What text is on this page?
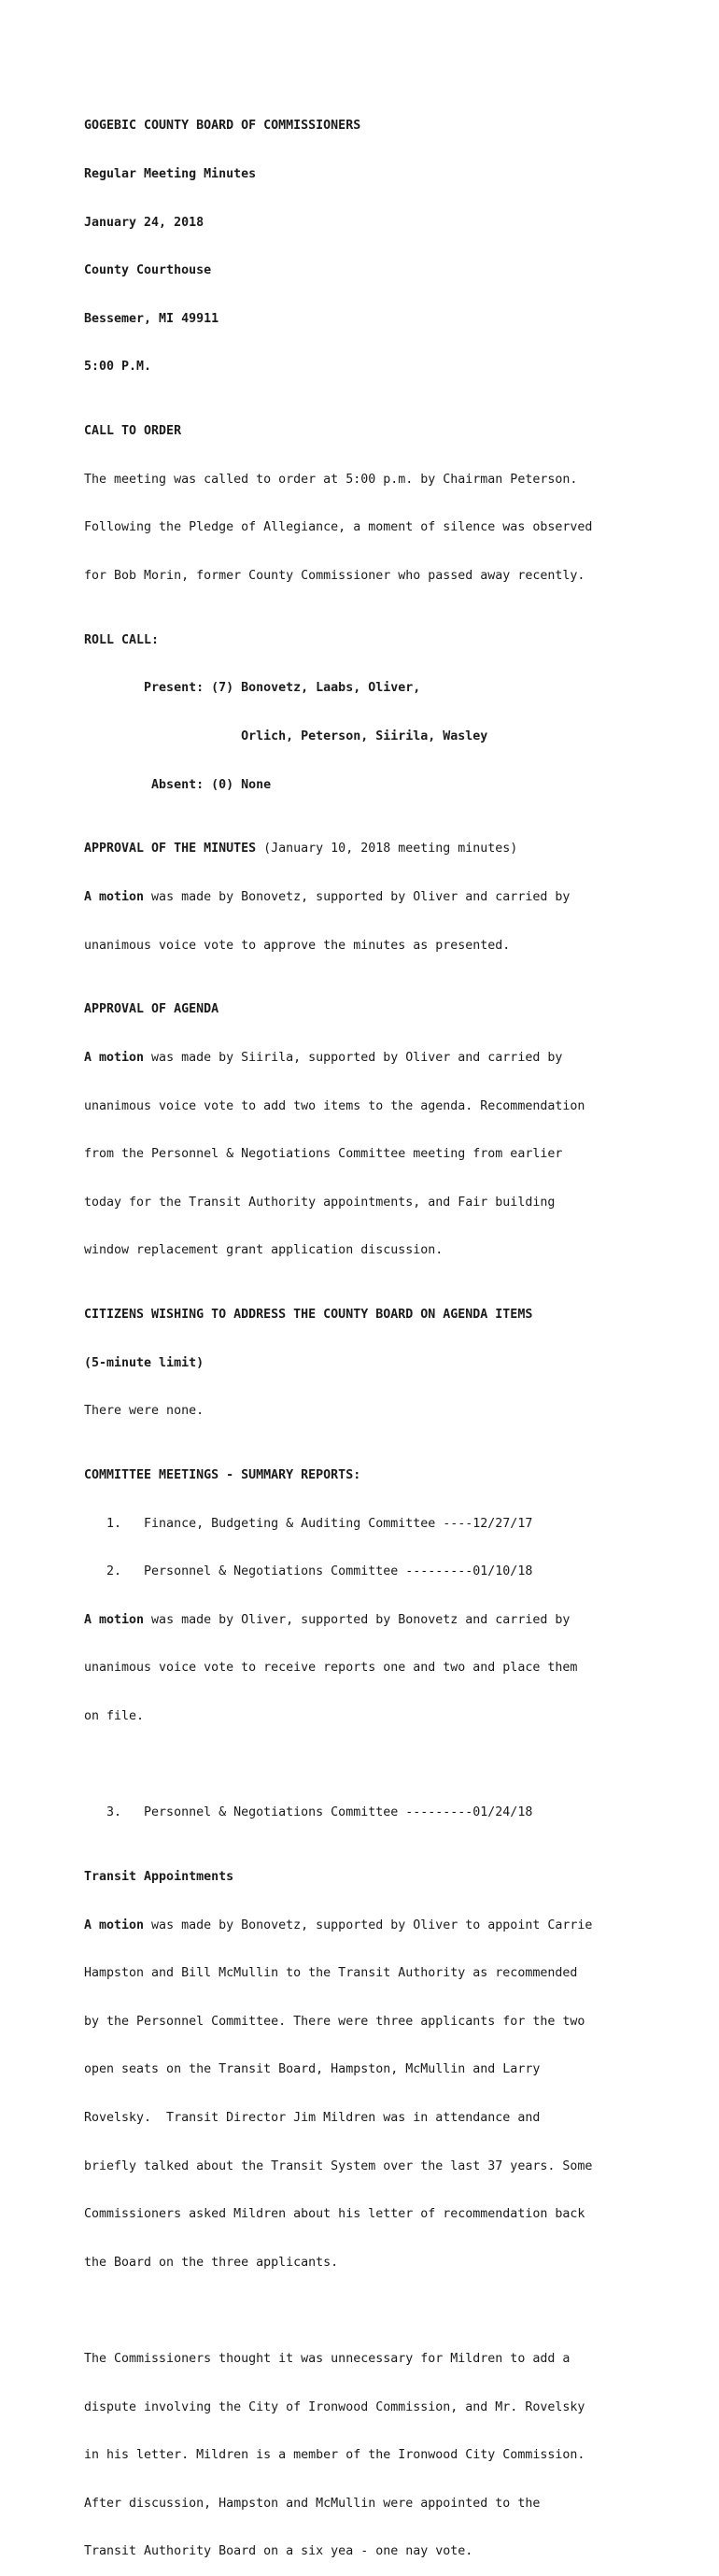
GOGEBIC COUNTY BOARD OF COMMISSIONERS

Regular Meeting Minutes

January 24, 2018

County Courthouse

Bessemer, MI 49911

5:00 P.M.

CALL TO ORDER

The meeting was called to order at 5:00 p.m. by Chairman Peterson.

Following the Pledge of Allegiance, a moment of silence was observed

for Bob Morin, former County Commissioner who passed away recently.

ROLL CALL:

Present: (7) Bonovetz, Laabs, Oliver,

Orlich, Peterson, Siirila, Wasley

Absent: (0) None

APPROVAL OF THE MINUTES (January 10, 2018 meeting minutes)

A motion was made by Bonovetz, supported by Oliver and carried by

unanimous voice vote to approve the minutes as presented.

APPROVAL OF AGENDA

A motion was made by Siirila, supported by Oliver and carried by

unanimous voice vote to add two items to the agenda. Recommendation

from the Personnel & Negotiations Committee meeting from earlier

today for the Transit Authority appointments, and Fair building

window replacement grant application discussion.

CITIZENS WISHING TO ADDRESS THE COUNTY BOARD ON AGENDA ITEMS

(5-minute limit)

There were none.

COMMITTEE MEETINGS - SUMMARY REPORTS:

1.   Finance, Budgeting & Auditing Committee ----12/27/17

2.   Personnel & Negotiations Committee ---------01/10/18

A motion was made by Oliver, supported by Bonovetz and carried by

unanimous voice vote to receive reports one and two and place them

on file.

3.   Personnel & Negotiations Committee ---------01/24/18

Transit Appointments

A motion was made by Bonovetz, supported by Oliver to appoint Carrie

Hampston and Bill McMullin to the Transit Authority as recommended

by the Personnel Committee. There were three applicants for the two

open seats on the Transit Board, Hampston, McMullin and Larry

Rovelsky.  Transit Director Jim Mildren was in attendance and

briefly talked about the Transit System over the last 37 years. Some

Commissioners asked Mildren about his letter of recommendation back

the Board on the three applicants.

The Commissioners thought it was unnecessary for Mildren to add a

dispute involving the City of Ironwood Commission, and Mr. Rovelsky

in his letter. Mildren is a member of the Ironwood City Commission.

After discussion, Hampston and McMullin were appointed to the

Transit Authority Board on a six yea - one nay vote.
